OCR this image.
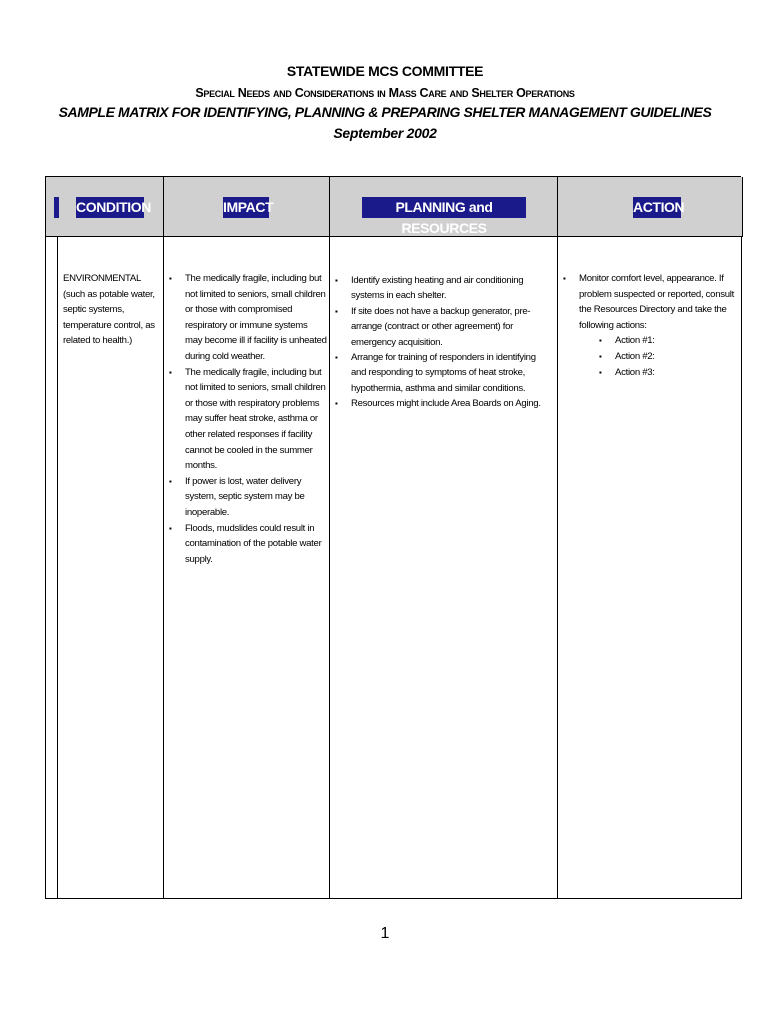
STATEWIDE MCS COMMITTEE
Special Needs and Considerations in Mass Care and Shelter Operations
SAMPLE MATRIX FOR IDENTIFYING, PLANNING & PREPARING SHELTER MANAGEMENT GUIDELINES
September 2002
CONDITION	IMPACT	PLANNING and RESOURCES
ACTION
ENVIRONMENTAL (such as potable water, septic systems, temperature control, as related to health.)
▪ The medically fragile, including but not limited to seniors, small children or those with compromised respiratory or immune systems may become ill if facility is unheated during cold weather.
▪ The medically fragile, including but not limited to seniors, small children or those with respiratory problems may suffer heat stroke, asthma or other related responses if facility cannot be cooled in the summer months.
▪ If power is lost, water delivery system, septic system may be inoperable.
▪ Floods, mudslides could result in contamination of the potable water supply.
▪ Identify existing heating and air conditioning systems in each shelter.
▪ If site does not have a backup generator, pre-arrange (contract or other agreement) for emergency acquisition.
▪ Arrange for training of responders in identifying and responding to symptoms of heat stroke, hypothermia, asthma and similar conditions.
▪ Resources might include Area Boards on Aging.
▪ Monitor comfort level, appearance. If problem suspected or reported, consult the Resources Directory and take the following actions:
▪ Action #1:
▪ Action #2:
▪ Action #3:
1
